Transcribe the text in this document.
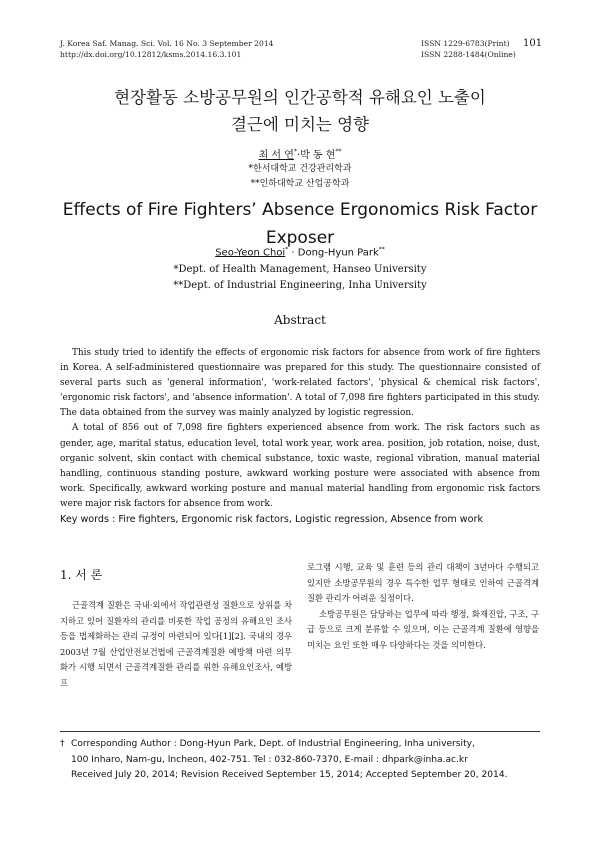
J. Korea Saf. Manag. Sci. Vol. 16 No. 3 September 2014
http://dx.doi.org/10.12812/ksms.2014.16.3.101
ISSN 1229-6783(Print)
ISSN 2288-1484(Online)
101
현장활동 소방공무원의 인간공학적 유해요인 노출이
결근에 미치는 영향
최 서 연*·박 동 현**
*한서대학교 건강관리학과
**인하대학교 산업공학과
Effects of Fire Fighters’ Absence Ergonomics Risk Factor
Exposer
Seo-Yeon Choi* · Dong-Hyun Park**
*Dept. of Health Management, Hanseo University
**Dept. of Industrial Engineering, Inha University
Abstract

This study tried to identify the effects of ergonomic risk factors for absence from work of fire fighters in Korea. A self-administered questionnaire was prepared for this study. The questionnaire consisted of several parts such as 'general information', 'work-related factors', 'physical & chemical risk factors', 'ergonomic risk factors', and 'absence information'. A total of 7,098 fire fighters participated in this study. The data obtained from the survey was mainly analyzed by logistic regression.

A total of 856 out of 7,098 fire fighters experienced absence from work. The risk factors such as gender, age, marital status, education level, total work year, work area. position, job rotation, noise, dust, organic solvent, skin contact with chemical substance, toxic waste, regional vibration, manual material handling, continuous standing posture, awkward working posture were associated with absence from work. Specifically, awkward working posture and manual material handling from ergonomic risk factors were major risk factors for absence from work.

Key words : Fire fighters, Ergonomic risk factors, Logistic regression, Absence from work
1. 서 론

근골격계 질환은 국내·외에서 작업관련성 질환으로 상위를 차지하고 있어 질환자의 관리를 비롯한 작업 공정의 유해요인 조사 등을 법제화하는 관리 규정이 마련되어 있다[1][2]. 국내의 경우 2003년 7월 산업안전보건법에 근골격계질환 예방책 마련 의무화가 시행 되면서 근골격계질환 관리를 위한 유해요인조사, 예방프

로그램 시행, 교육 및 훈련 등의 관리 대책이 3년마다 수행되고 있지만 소방공무원의 경우 특수한 업무 형태로 인하여 근골격계 질환 관리가 어려운 실정이다.

소방공무원은 담당하는 업무에 따라 행정, 화재진압, 구조, 구급 등으로 크게 분류할 수 있으며, 이는 근골격계 질환에 영향을 미치는 요인 또한 매우 다양하다는 것을 의미한다.

† Corresponding Author : Dong-Hyun Park, Dept. of Industrial Engineering, Inha university,

100 Inharo, Nam-gu, Incheon, 402-751. Tel : 032-860-7370, E-mail : dhpark@inha.ac.kr

Received July 20, 2014; Revision Received September 15, 2014; Accepted September 20, 2014.
